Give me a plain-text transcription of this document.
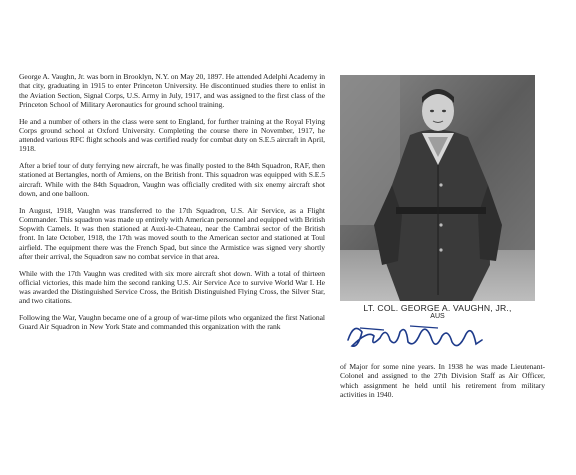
George A. Vaughn, Jr. was born in Brooklyn, N.Y. on May 20, 1897. He attended Adelphi Academy in that city, graduating in 1915 to enter Princeton University. He discontinued studies there to enlist in the Aviation Section, Signal Corps, U.S. Army in July, 1917, and was assigned to the first class of the Princeton School of Military Aeronautics for ground school training.

He and a number of others in the class were sent to England, for further training at the Royal Flying Corps ground school at Oxford University. Completing the course there in November, 1917, he attended various RFC flight schools and was certified ready for combat duty on S.E.5 aircraft in April, 1918.

After a brief tour of duty ferrying new aircraft, he was finally posted to the 84th Squadron, RAF, then stationed at Bertangles, north of Amiens, on the British front. This squadron was equipped with S.E.5 aircraft. While with the 84th Squadron, Vaughn was officially credited with six enemy aircraft shot down, and one balloon.

In August, 1918, Vaughn was transferred to the 17th Squadron, U.S. Air Service, as a Flight Commander. This squadron was made up entirely with American personnel and equipped with British Sopwith Camels. It was then stationed at Auxi-le-Chateau, near the Cambrai sector of the British front. In late October, 1918, the 17th was moved south to the American sector and stationed at Toul airfield. The equipment there was the French Spad, but since the Armistice was signed very shortly after their arrival, the Squadron saw no combat service in that area.

While with the 17th Vaughn was credited with six more aircraft shot down. With a total of thirteen official victories, this made him the second ranking U.S. Air Service Ace to survive World War I. He was awarded the Distinguished Service Cross, the British Distinguished Flying Cross, the Silver Star, and two citations.

Following the War, Vaughn became one of a group of war-time pilots who organized the first National Guard Air Squadron in New York State and commanded this organization with the rank

LT. COL. GEORGE A. VAUGHN, JR.,
AUS

of Major for some nine years. In 1938 he was made Lieutenant-Colonel and assigned to the 27th Division Staff as Air Officer, which assignment he held until his retirement from military activities in 1940.
